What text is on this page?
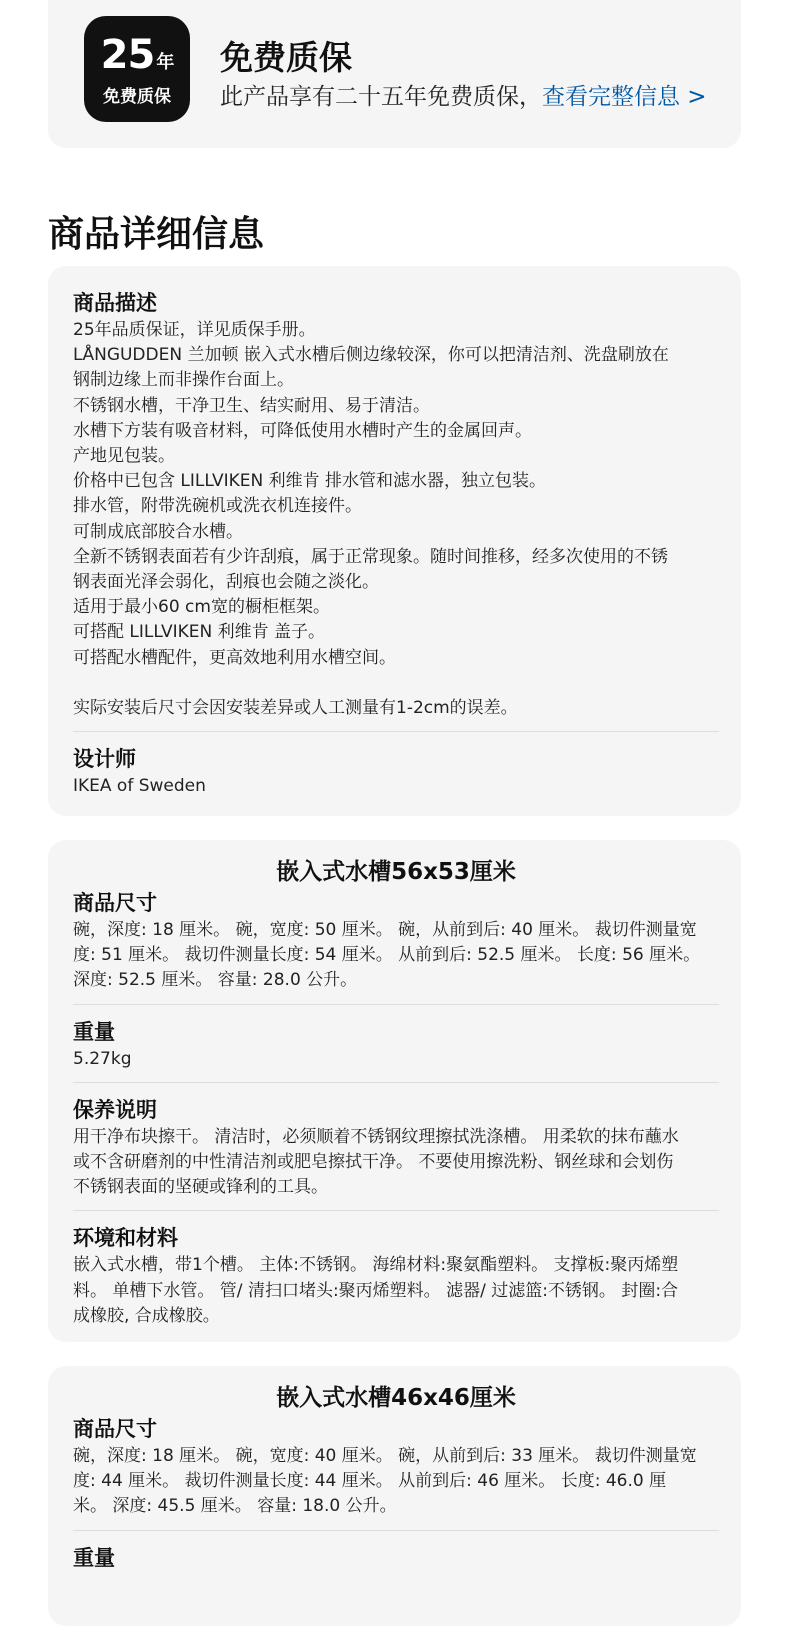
25 年
免费质保
免费质保
此产品享有二十五年免费质保，查看完整信息 >
商品详细信息
商品描述
25年品质保证，详见质保手册。
LÅNGUDDEN 兰加顿 嵌入式水槽后侧边缘较深，你可以把清洁剂、洗盘刷放在
钢制边缘上而非操作台面上。
不锈钢水槽，干净卫生、结实耐用、易于清洁。
水槽下方装有吸音材料，可降低使用水槽时产生的金属回声。
产地见包装。
价格中已包含 LILLVIKEN 利维肯 排水管和滤水器，独立包装。
排水管，附带洗碗机或洗衣机连接件。
可制成底部胶合水槽。
全新不锈钢表面若有少许刮痕，属于正常现象。随时间推移，经多次使用的不锈
钢表面光泽会弱化，刮痕也会随之淡化。
适用于最小60 cm宽的橱柜框架。
可搭配 LILLVIKEN 利维肯 盖子。
可搭配水槽配件，更高效地利用水槽空间。
实际安装后尺寸会因安装差异或人工测量有1-2cm的误差。
设计师
IKEA of Sweden
嵌入式水槽56x53厘米
商品尺寸
碗，深度: 18 厘米。 碗，宽度: 50 厘米。 碗，从前到后: 40 厘米。 裁切件测量宽
度: 51 厘米。 裁切件测量长度: 54 厘米。 从前到后: 52.5 厘米。 长度: 56 厘米。
深度: 52.5 厘米。 容量: 28.0 公升。
重量
5.27kg
保养说明
用干净布块擦干。 清洁时，必须顺着不锈钢纹理擦拭洗涤槽。 用柔软的抹布蘸水
或不含研磨剂的中性清洁剂或肥皂擦拭干净。 不要使用擦洗粉、钢丝球和会划伤
不锈钢表面的坚硬或锋利的工具。
环境和材料
嵌入式水槽，带1个槽。 主体:不锈钢。 海绵材料:聚氨酯塑料。 支撑板:聚丙烯塑
料。 单槽下水管。 管/ 清扫口堵头:聚丙烯塑料。 滤器/ 过滤篮:不锈钢。 封圈:合
成橡胶, 合成橡胶。
嵌入式水槽46x46厘米
商品尺寸
碗，深度: 18 厘米。 碗，宽度: 40 厘米。 碗，从前到后: 33 厘米。 裁切件测量宽
度: 44 厘米。 裁切件测量长度: 44 厘米。 从前到后: 46 厘米。 长度: 46.0 厘
米。 深度: 45.5 厘米。 容量: 18.0 公升。
重量
